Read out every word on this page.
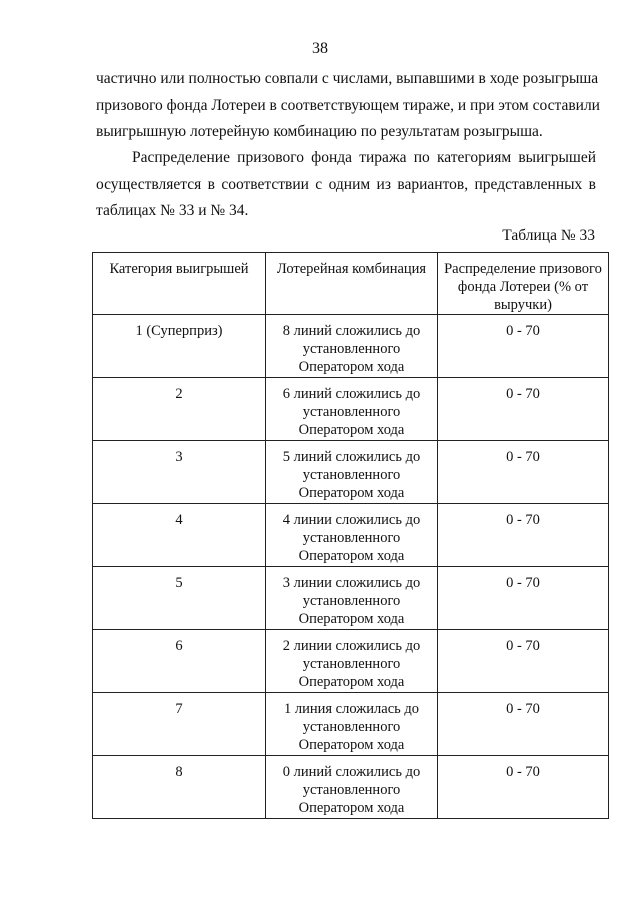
38
частично или полностью совпали с числами, выпавшими в ходе розыгрыша
призового фонда Лотереи в соответствующем тираже, и при этом составили
выигрышную лотерейную комбинацию по результатам розыгрыша.
Распределение призового фонда тиража по категориям выигрышей
осуществляется в соответствии с одним из вариантов, представленных в
таблицах № 33 и № 34.
Таблица № 33
Категория выигрышей	Лотерейная комбинация	Распределение призового фонда Лотереи (% от выручки)
1 (Суперприз)	8 линий сложились до установленного Оператором хода	0 - 70
2	6 линий сложились до установленного Оператором хода	0 - 70
3	5 линий сложились до установленного Оператором хода	0 - 70
4	4 линии сложились до установленного Оператором хода	0 - 70
5	3 линии сложились до установленного Оператором хода	0 - 70
6	2 линии сложились до установленного Оператором хода	0 - 70
7	1 линия сложилась до установленного Оператором хода	0 - 70
8	0 линий сложились до установленного Оператором хода	0 - 70
